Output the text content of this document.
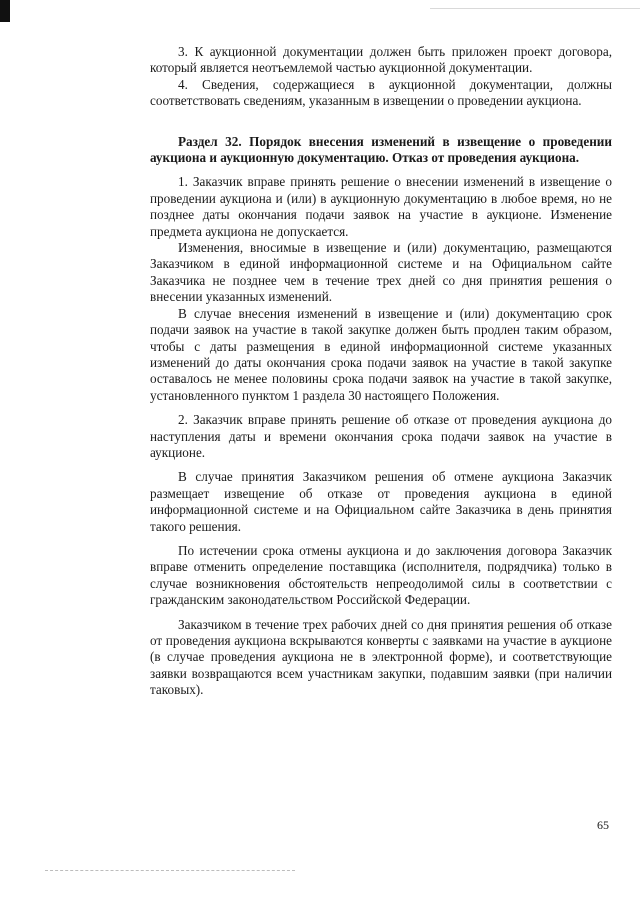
3. К аукционной документации должен быть приложен проект договора, который является неотъемлемой частью аукционной документации.

4. Сведения, содержащиеся в аукционной документации, должны соответствовать сведениям, указанным в извещении о проведении аукциона.

Раздел 32. Порядок внесения изменений в извещение о проведении аукциона и аукционную документацию. Отказ от проведения аукциона.

1. Заказчик вправе принять решение о внесении изменений в извещение о проведении аукциона и (или) в аукционную документацию в любое время, но не позднее даты окончания подачи заявок на участие в аукционе. Изменение предмета аукциона не допускается.

Изменения, вносимые в извещение и (или) документацию, размещаются Заказчиком в единой информационной системе и на Официальном сайте Заказчика не позднее чем в течение трех дней со дня принятия решения о внесении указанных изменений.

В случае внесения изменений в извещение и (или) документацию срок подачи заявок на участие в такой закупке должен быть продлен таким образом, чтобы с даты размещения в единой информационной системе указанных изменений до даты окончания срока подачи заявок на участие в такой закупке оставалось не менее половины срока подачи заявок на участие в такой закупке, установленного пунктом 1 раздела 30 настоящего Положения.

2. Заказчик вправе принять решение об отказе от проведения аукциона до наступления даты и времени окончания срока подачи заявок на участие в аукционе.

В случае принятия Заказчиком решения об отмене аукциона Заказчик размещает извещение об отказе от проведения аукциона в единой информационной системе и на Официальном сайте Заказчика в день принятия такого решения.

По истечении срока отмены аукциона и до заключения договора Заказчик вправе отменить определение поставщика (исполнителя, подрядчика) только в случае возникновения обстоятельств непреодолимой силы в соответствии с гражданским законодательством Российской Федерации.

Заказчиком в течение трех рабочих дней со дня принятия решения об отказе от проведения аукциона вскрываются конверты с заявками на участие в аукционе (в случае проведения аукциона не в электронной форме), и соответствующие заявки возвращаются всем участникам закупки, подавшим заявки (при наличии таковых).

65
